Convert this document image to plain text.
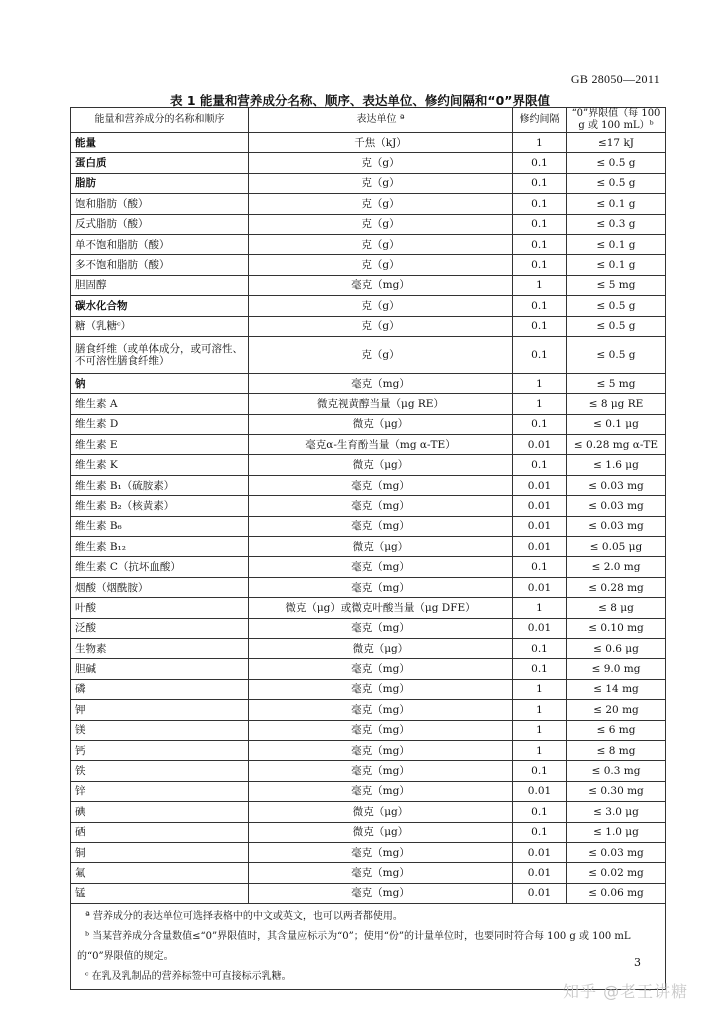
GB 28050—2011
表 1 能量和营养成分名称、顺序、表达单位、修约间隔和“0”界限值
能量和营养成分的名称和顺序	表达单位 ª	修约间隔	“0”界限值（每 100 g 或 100 mL）ᵇ
能量	千焦（kJ）	1	≤17 kJ
蛋白质	克（g）	0.1	≤ 0.5 g
脂肪	克（g）	0.1	≤ 0.5 g
饱和脂肪（酸）	克（g）	0.1	≤ 0.1 g
反式脂肪（酸）	克（g）	0.1	≤ 0.3 g
单不饱和脂肪（酸）	克（g）	0.1	≤ 0.1 g
多不饱和脂肪（酸）	克（g）	0.1	≤ 0.1 g
胆固醇	毫克（mg）	1	≤ 5 mg
碳水化合物	克（g）	0.1	≤ 0.5 g
糖（乳糖ᶜ）	克（g）	0.1	≤ 0.5 g
膳食纤维（或单体成分，或可溶性、不可溶性膳食纤维）	克（g）	0.1	≤ 0.5 g
钠	毫克（mg）	1	≤ 5 mg
维生素 A	微克视黄醇当量（μg RE）	1	≤ 8 μg RE
维生素 D	微克（μg）	0.1	≤ 0.1 μg
维生素 E	毫克α-生育酚当量（mg α-TE）	0.01	≤ 0.28 mg α-TE
维生素 K	微克（μg）	0.1	≤ 1.6 μg
维生素 B₁（硫胺素）	毫克（mg）	0.01	≤ 0.03 mg
维生素 B₂（核黄素）	毫克（mg）	0.01	≤ 0.03 mg
维生素 B₆	毫克（mg）	0.01	≤ 0.03 mg
维生素 B₁₂	微克（μg）	0.01	≤ 0.05 μg
维生素 C（抗坏血酸）	毫克（mg）	0.1	≤ 2.0 mg
烟酸（烟酰胺）	毫克（mg）	0.01	≤ 0.28 mg
叶酸	微克（μg）或微克叶酸当量（μg DFE）	1	≤ 8 μg
泛酸	毫克（mg）	0.01	≤ 0.10 mg
生物素	微克（μg）	0.1	≤ 0.6 μg
胆碱	毫克（mg）	0.1	≤ 9.0 mg
磷	毫克（mg）	1	≤ 14 mg
钾	毫克（mg）	1	≤ 20 mg
镁	毫克（mg）	1	≤ 6 mg
钙	毫克（mg）	1	≤ 8 mg
铁	毫克（mg）	0.1	≤ 0.3 mg
锌	毫克（mg）	0.01	≤ 0.30 mg
碘	微克（μg）	0.1	≤ 3.0 μg
硒	微克（μg）	0.1	≤ 1.0 μg
铜	毫克（mg）	0.01	≤ 0.03 mg
氟	毫克（mg）	0.01	≤ 0.02 mg
锰	毫克（mg）	0.01	≤ 0.06 mg

ª 营养成分的表达单位可选择表格中的中文或英文，也可以两者都使用。
ᵇ 当某营养成分含量数值≤“0”界限值时，其含量应标示为“0”；使用“份”的计量单位时，也要同时符合每 100 g 或 100 mL 的“0”界限值的规定。
ᶜ 在乳及乳制品的营养标签中可直接标示乳糖。			
3
知乎 @老王讲糖
